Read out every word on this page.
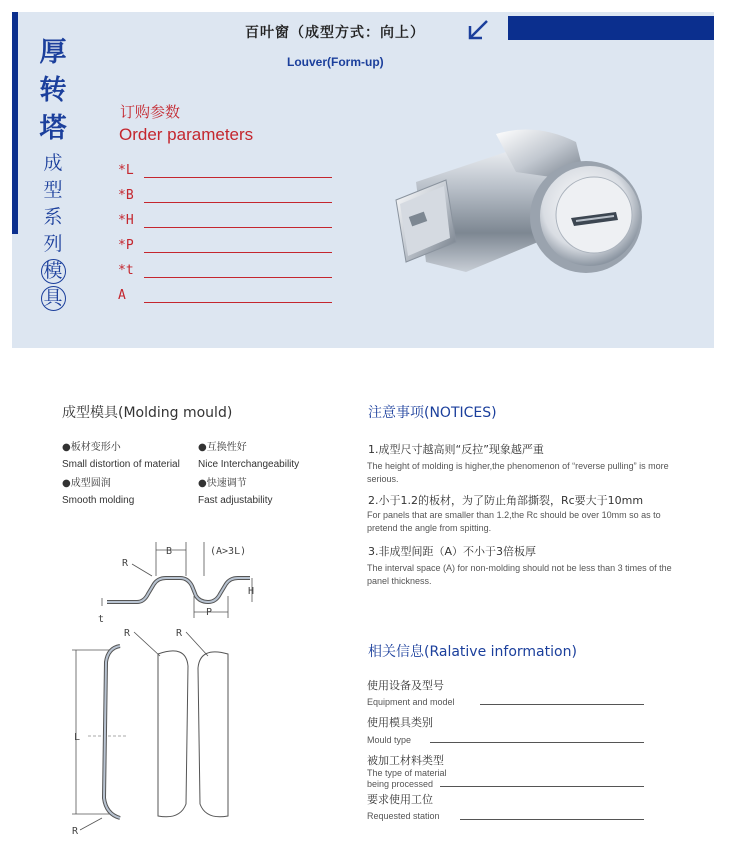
厚
转
塔
成
型
系
列
模 具
百叶窗（成型方式：向上）
Louver(Form-up)
订购参数
Order parameters
*L
*B
*H
*P
*t
A
成型模具(Molding mould)
●板材变形小
Small distortion of material
●互换性好
Nice Interchangeability
●成型圆润
Smooth molding
●快速调节
Fast adjustability
B	(A>3L)
R
H
P
t
L
R
R	R
注意事项(NOTICES)
1.成型尺寸越高则“反拉”现象越严重
The height of molding is higher,the phenomenon of “reverse pulling” is more serious.
2.小于1.2的板材，为了防止角部撕裂，Rc要大于10mm
For panels that are smaller than 1.2,the Rc should be over 10mm so as to pretend the angle from spitting.
3.非成型间距（A）不小于3倍板厚
The interval space (A) for non-molding should not be less than 3 times of the panel thickness.
相关信息(Ralative information)
使用设备及型号
Equipment and model
使用模具类别
Mould type
被加工材料类型
The type of material
being processed
要求使用工位
Requested station
